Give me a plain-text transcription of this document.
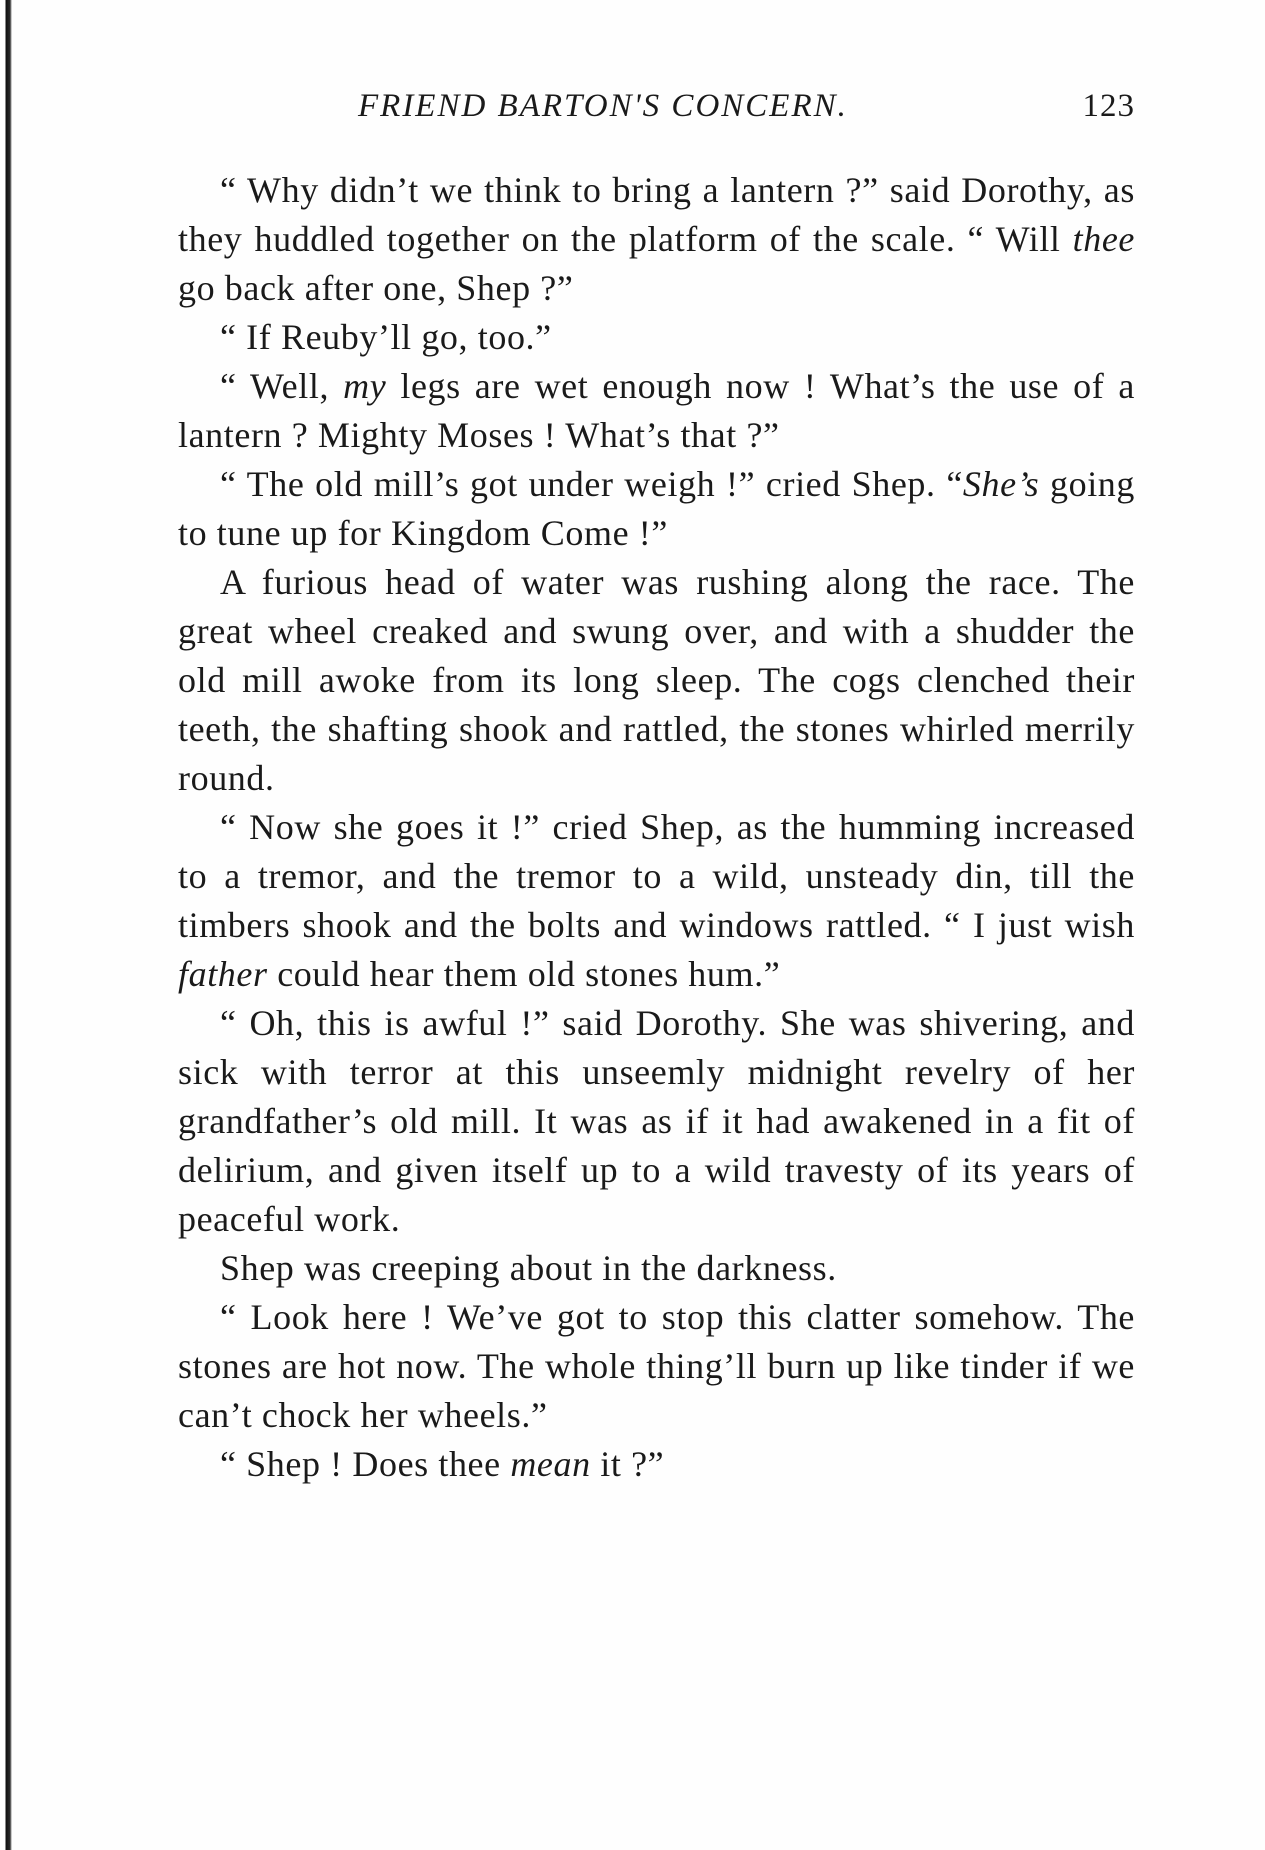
FRIEND BARTON'S CONCERN.	123

“ Why didn’t we think to bring a lantern ?” said Dorothy, as they huddled together on the platform of the scale. “ Will thee go back after one, Shep ?”

“ If Reuby’ll go, too.”

“ Well, my legs are wet enough now ! What’s the use of a lantern ? Mighty Moses ! What’s that ?”

“ The old mill’s got under weigh !” cried Shep. “She’s going to tune up for Kingdom Come !”

A furious head of water was rushing along the race. The great wheel creaked and swung over, and with a shudder the old mill awoke from its long sleep. The cogs clenched their teeth, the shafting shook and rattled, the stones whirled merrily round.

“ Now she goes it !” cried Shep, as the humming increased to a tremor, and the tremor to a wild, unsteady din, till the timbers shook and the bolts and windows rattled. “ I just wish father could hear them old stones hum.”

“ Oh, this is awful !” said Dorothy. She was shivering, and sick with terror at this unseemly midnight revelry of her grandfather’s old mill. It was as if it had awakened in a fit of delirium, and given itself up to a wild travesty of its years of peaceful work.

Shep was creeping about in the darkness.

“ Look here ! We’ve got to stop this clatter somehow. The stones are hot now. The whole thing’ll burn up like tinder if we can’t chock her wheels.”

“ Shep ! Does thee mean it ?”
